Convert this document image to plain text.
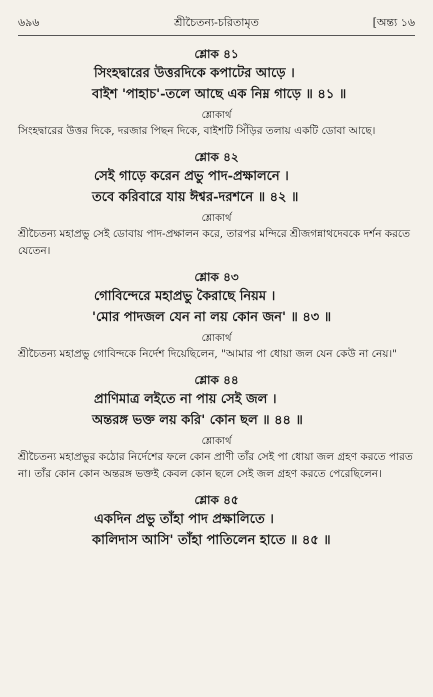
৬৯৬	শ্রীচৈতন্য-চরিতামৃত	[অন্ত্য ১৬
শ্লোক ৪১
সিংহদ্বারের উত্তরদিকে কপাটের আড়ে ।
বাইশ 'পাহাচ'-তলে আছে এক নিম্ন গাড়ে ॥ ৪১ ॥
শ্লোকার্থ
সিংহদ্বারের উত্তর দিকে, দরজার পিছন দিকে, বাইশটি সিঁড়ির তলায় একটি ডোবা আছে।
শ্লোক ৪২
সেই গাড়ে করেন প্রভু পাদ-প্রক্ষালনে ।
তবে করিবারে যায় ঈশ্বর-দরশনে ॥ ৪২ ॥
শ্লোকার্থ
শ্রীচৈতন্য মহাপ্রভু সেই ডোবায় পাদ-প্রক্ষালন করে, তারপর মন্দিরে শ্রীজগন্নাথদেবকে দর্শন করতে যেতেন।
শ্লোক ৪৩
গোবিন্দেরে মহাপ্রভু কৈরাছে নিয়ম ।
'মোর পাদজল যেন না লয় কোন জন' ॥ ৪৩ ॥
শ্লোকার্থ
শ্রীচৈতন্য মহাপ্রভু গোবিন্দকে নির্দেশ দিয়েছিলেন, "আমার পা ধোয়া জল যেন কেউ না নেয়।"
শ্লোক ৪৪
প্রাণিমাত্র লইতে না পায় সেই জল ।
অন্তরঙ্গ ভক্ত লয় করি' কোন ছল ॥ ৪৪ ॥
শ্লোকার্থ
শ্রীচৈতন্য মহাপ্রভুর কঠোর নির্দেশের ফলে কোন প্রাণী তাঁর সেই পা ধোয়া জল গ্রহণ করতে পারত না। তাঁর কোন কোন অন্তরঙ্গ ভক্তই কেবল কোন ছলে সেই জল গ্রহণ করতে পেরেছিলেন।
শ্লোক ৪৫
একদিন প্রভু তাঁহা পাদ প্রক্ষালিতে ।
কালিদাস আসি' তাঁহা পাতিলেন হাতে ॥ ৪৫ ॥
